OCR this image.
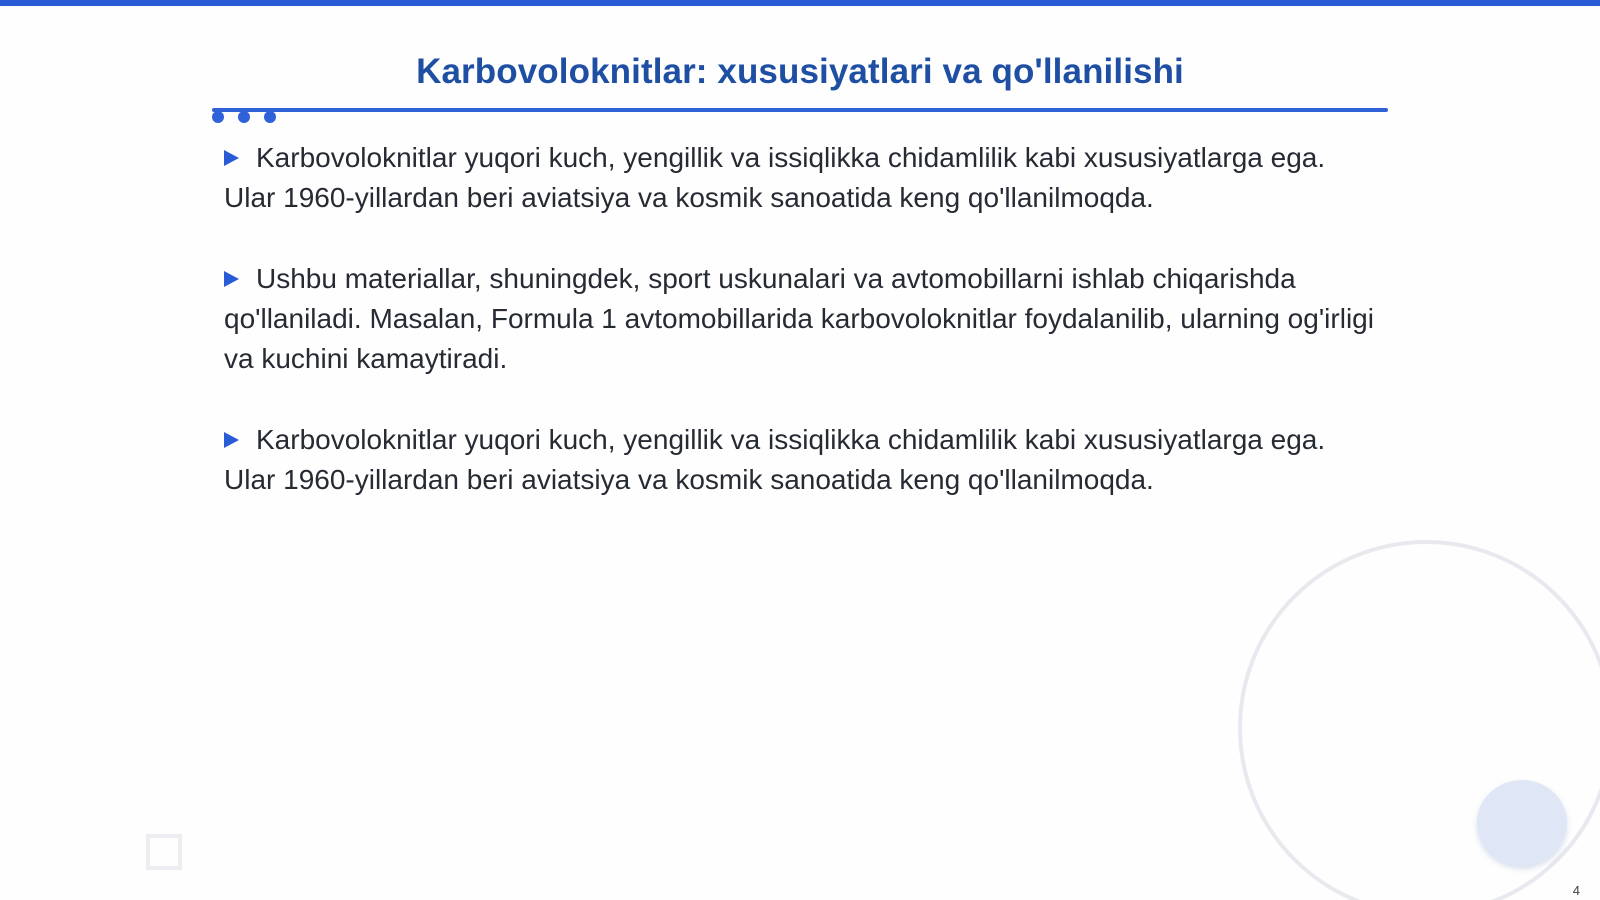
Karbovoloknitlar: xususiyatlari va qo'llanilishi

Karbovoloknitlar yuqori kuch, yengillik va issiqlikka chidamlilik kabi xususiyatlarga ega. Ular 1960-yillardan beri aviatsiya va kosmik sanoatida keng qo'llanilmoqda.

Ushbu materiallar, shuningdek, sport uskunalari va avtomobillarni ishlab chiqarishda qo'llaniladi. Masalan, Formula 1 avtomobillarida karbovoloknitlar foydalanilib, ularning og'irligi va kuchini kamaytiradi.

Karbovoloknitlar yuqori kuch, yengillik va issiqlikka chidamlilik kabi xususiyatlarga ega. Ular 1960-yillardan beri aviatsiya va kosmik sanoatida keng qo'llanilmoqda.

4
